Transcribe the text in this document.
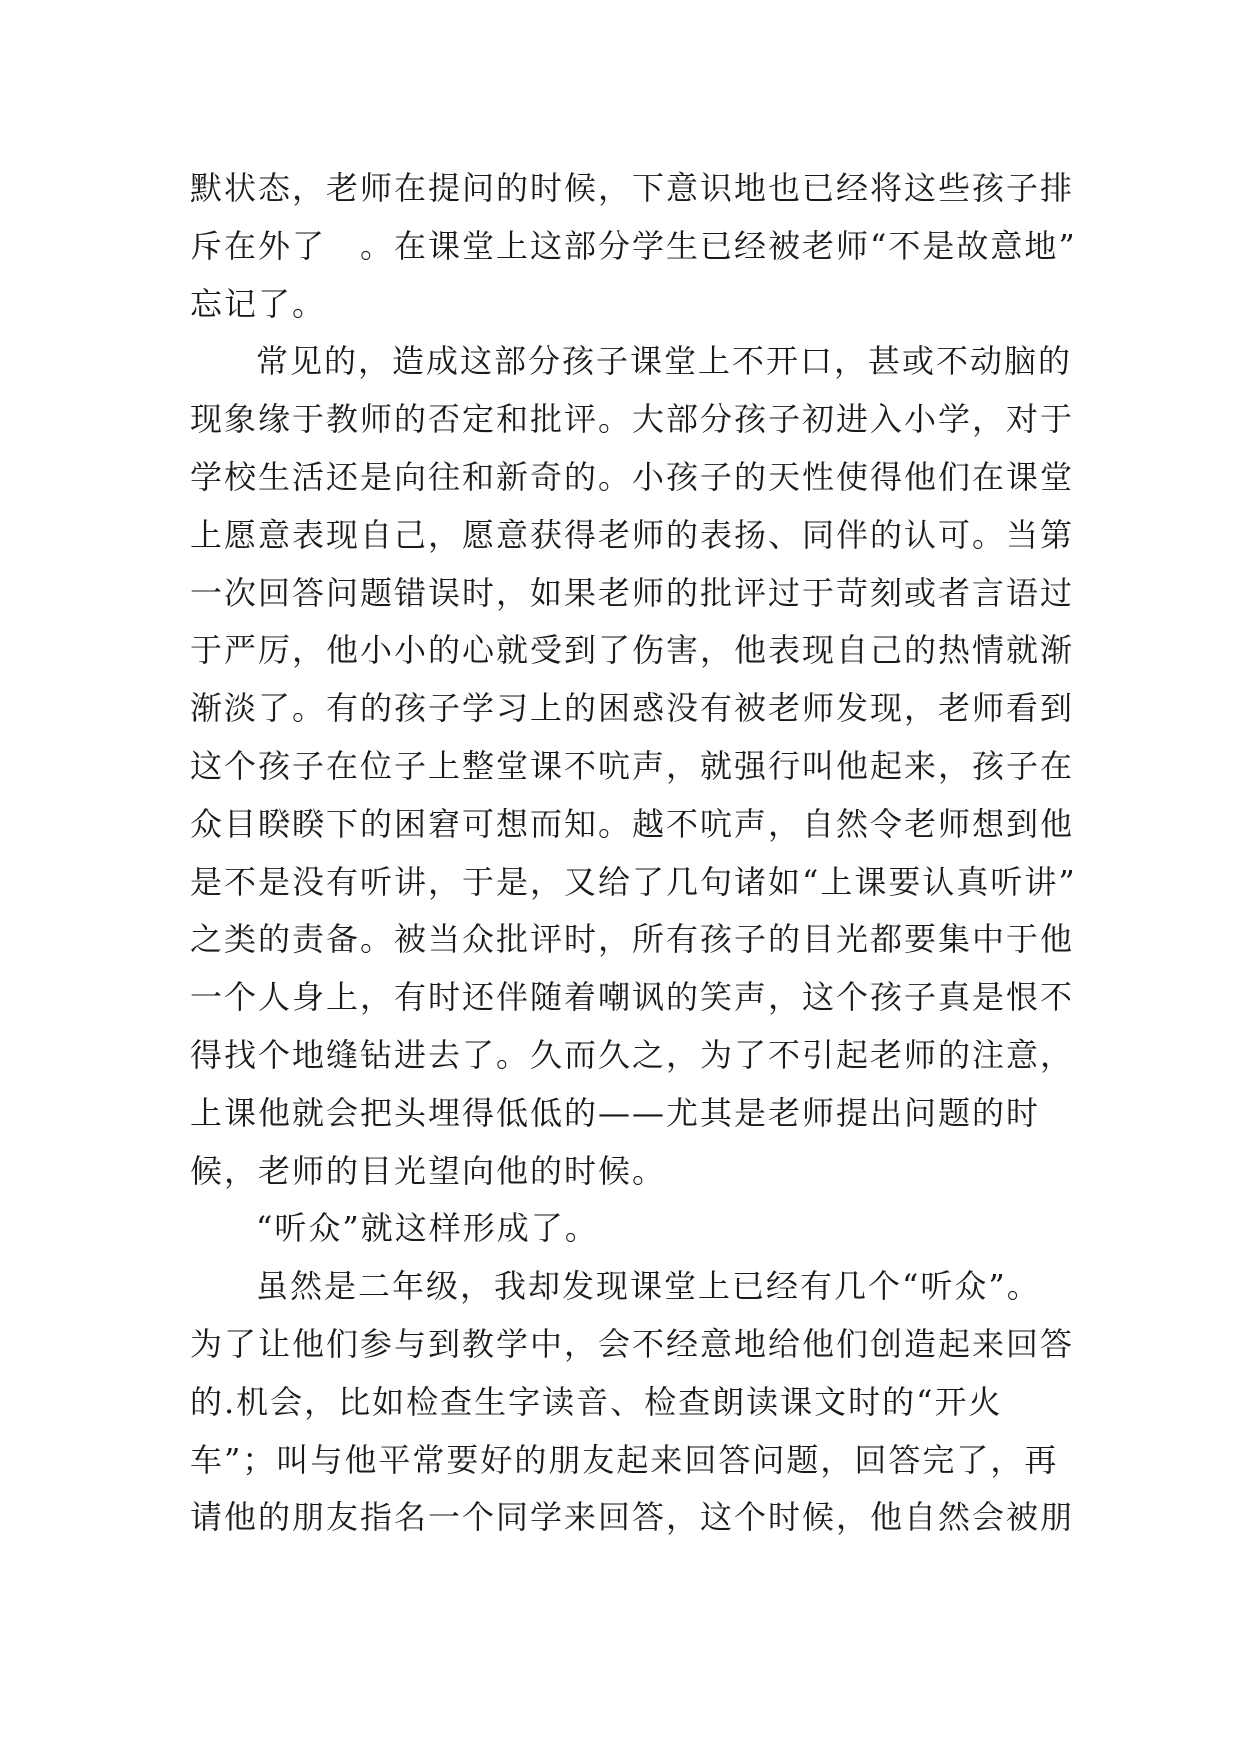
默状态，老师在提问的时候，下意识地也已经将这些孩子排
斥在外了　。在课堂上这部分学生已经被老师“不是故意地”
忘记了。
常见的，造成这部分孩子课堂上不开口，甚或不动脑的
现象缘于教师的否定和批评。大部分孩子初进入小学，对于
学校生活还是向往和新奇的。小孩子的天性使得他们在课堂
上愿意表现自己，愿意获得老师的表扬、同伴的认可。当第
一次回答问题错误时，如果老师的批评过于苛刻或者言语过
于严厉，他小小的心就受到了伤害，他表现自己的热情就渐
渐淡了。有的孩子学习上的困惑没有被老师发现，老师看到
这个孩子在位子上整堂课不吭声，就强行叫他起来，孩子在
众目睽睽下的困窘可想而知。越不吭声，自然令老师想到他
是不是没有听讲，于是，又给了几句诸如“上课要认真听讲”
之类的责备。被当众批评时，所有孩子的目光都要集中于他
一个人身上，有时还伴随着嘲讽的笑声，这个孩子真是恨不
得找个地缝钻进去了。久而久之，为了不引起老师的注意，
上课他就会把头埋得低低的——尤其是老师提出问题的时
候，老师的目光望向他的时候。
“听众”就这样形成了。
虽然是二年级，我却发现课堂上已经有几个“听众”。
为了让他们参与到教学中，会不经意地给他们创造起来回答
的.机会，比如检查生字读音、检查朗读课文时的“开火
车”；叫与他平常要好的朋友起来回答问题，回答完了，再
请他的朋友指名一个同学来回答，这个时候，他自然会被朋
